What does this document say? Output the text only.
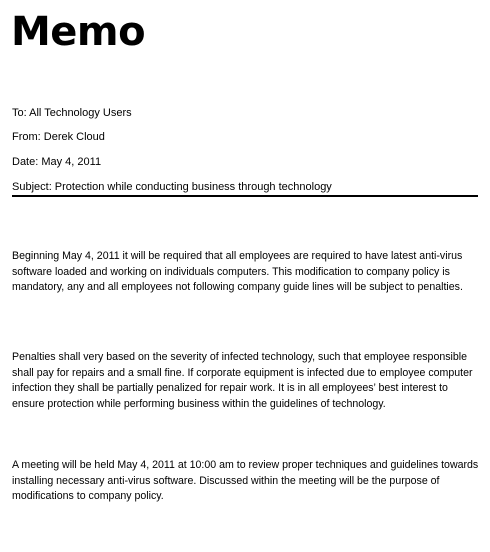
Memo
To: All Technology Users
From: Derek Cloud
Date: May 4, 2011
Subject: Protection while conducting business through technology

Beginning May 4, 2011 it will be required that all employees are required to have latest anti-virus software loaded and working on individuals computers. This modification to company policy is mandatory, any and all employees not following company guide lines will be subject to penalties.

Penalties shall very based on the severity of infected technology, such that employee responsible shall pay for repairs and a small fine. If corporate equipment is infected due to employee computer infection they shall be partially penalized for repair work. It is in all employees’ best interest to ensure protection while performing business within the guidelines of technology.

A meeting will be held May 4, 2011 at 10:00 am to review proper techniques and guidelines towards installing necessary anti-virus software. Discussed within the meeting will be the purpose of modifications to company policy.
